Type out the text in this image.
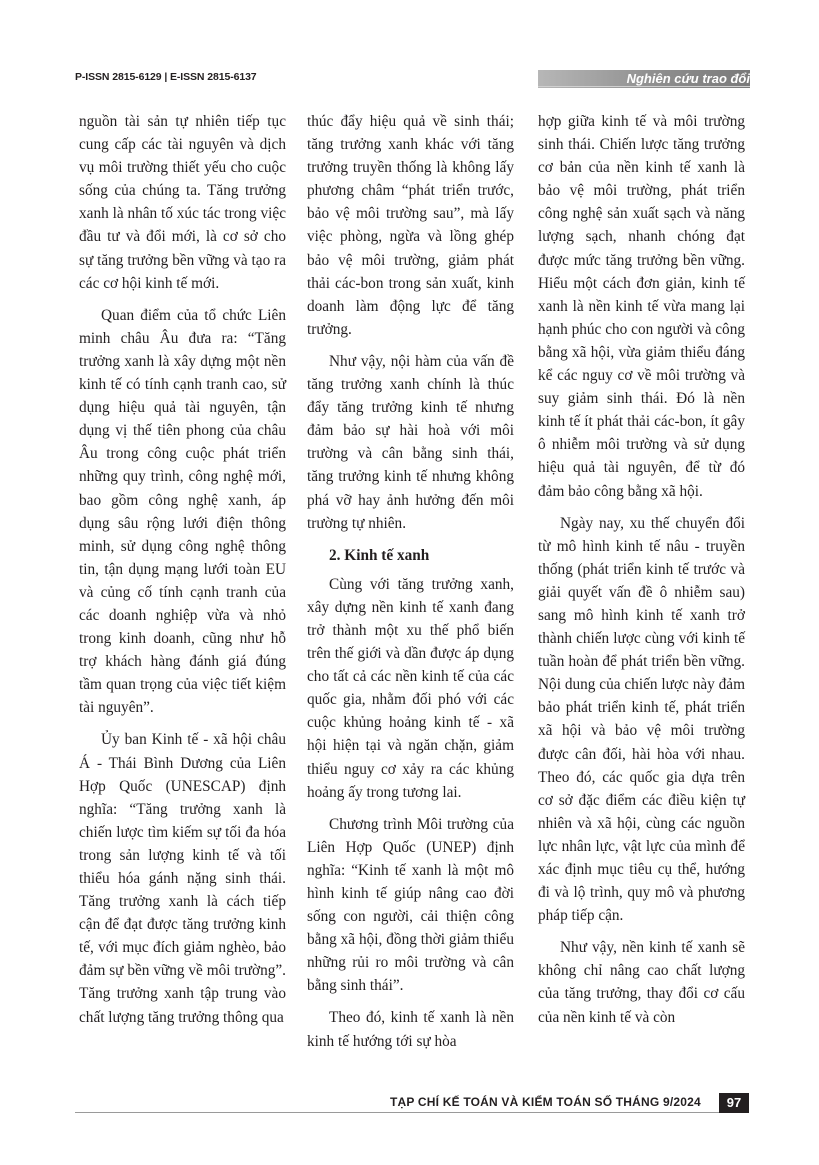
P-ISSN 2815-6129 | E-ISSN 2815-6137	Nghiên cứu trao đổi

nguồn tài sản tự nhiên tiếp tục cung cấp các tài nguyên và dịch vụ môi trường thiết yếu cho cuộc sống của chúng ta. Tăng trưởng xanh là nhân tố xúc tác trong việc đầu tư và đổi mới, là cơ sở cho sự tăng trưởng bền vững và tạo ra các cơ hội kinh tế mới.

Quan điểm của tổ chức Liên minh châu Âu đưa ra: “Tăng trưởng xanh là xây dựng một nền kinh tế có tính cạnh tranh cao, sử dụng hiệu quả tài nguyên, tận dụng vị thế tiên phong của châu Âu trong công cuộc phát triển những quy trình, công nghệ mới, bao gồm công nghệ xanh, áp dụng sâu rộng lưới điện thông minh, sử dụng công nghệ thông tin, tận dụng mạng lưới toàn EU và củng cố tính cạnh tranh của các doanh nghiệp vừa và nhỏ trong kinh doanh, cũng như hỗ trợ khách hàng đánh giá đúng tầm quan trọng của việc tiết kiệm tài nguyên”.

Ủy ban Kinh tế - xã hội châu Á - Thái Bình Dương của Liên Hợp Quốc (UNESCAP) định nghĩa: “Tăng trưởng xanh là chiến lược tìm kiếm sự tối đa hóa trong sản lượng kinh tế và tối thiểu hóa gánh nặng sinh thái. Tăng trưởng xanh là cách tiếp cận để đạt được tăng trưởng kinh tế, với mục đích giảm nghèo, bảo đảm sự bền vững về môi trường”. Tăng trưởng xanh tập trung vào chất lượng tăng trưởng thông qua

thúc đẩy hiệu quả về sinh thái; tăng trưởng xanh khác với tăng trưởng truyền thống là không lấy phương châm “phát triển trước, bảo vệ môi trường sau”, mà lấy việc phòng, ngừa và lồng ghép bảo vệ môi trường, giảm phát thải các-bon trong sản xuất, kinh doanh làm động lực để tăng trưởng.

Như vậy, nội hàm của vấn đề tăng trưởng xanh chính là thúc đẩy tăng trưởng kinh tế nhưng đảm bảo sự hài hoà với môi trường và cân bằng sinh thái, tăng trưởng kinh tế nhưng không phá vỡ hay ảnh hưởng đến môi trường tự nhiên.

2. Kinh tế xanh

Cùng với tăng trưởng xanh, xây dựng nền kinh tế xanh đang trở thành một xu thế phổ biến trên thế giới và dần được áp dụng cho tất cả các nền kinh tế của các quốc gia, nhằm đối phó với các cuộc khủng hoảng kinh tế - xã hội hiện tại và ngăn chặn, giảm thiểu nguy cơ xảy ra các khủng hoảng ấy trong tương lai.

Chương trình Môi trường của Liên Hợp Quốc (UNEP) định nghĩa: “Kinh tế xanh là một mô hình kinh tế giúp nâng cao đời sống con người, cải thiện công bằng xã hội, đồng thời giảm thiểu những rủi ro môi trường và cân bằng sinh thái”.

Theo đó, kinh tế xanh là nền kinh tế hướng tới sự hòa

hợp giữa kinh tế và môi trường sinh thái. Chiến lược tăng trưởng cơ bản của nền kinh tế xanh là bảo vệ môi trường, phát triển công nghệ sản xuất sạch và năng lượng sạch, nhanh chóng đạt được mức tăng trưởng bền vững. Hiểu một cách đơn giản, kinh tế xanh là nền kinh tế vừa mang lại hạnh phúc cho con người và công bằng xã hội, vừa giảm thiểu đáng kể các nguy cơ về môi trường và suy giảm sinh thái. Đó là nền kinh tế ít phát thải các-bon, ít gây ô nhiễm môi trường và sử dụng hiệu quả tài nguyên, để từ đó đảm bảo công bằng xã hội.

Ngày nay, xu thế chuyển đổi từ mô hình kinh tế nâu - truyền thống (phát triển kinh tế trước và giải quyết vấn đề ô nhiễm sau) sang mô hình kinh tế xanh trở thành chiến lược cùng với kinh tế tuần hoàn để phát triển bền vững. Nội dung của chiến lược này đảm bảo phát triển kinh tế, phát triển xã hội và bảo vệ môi trường được cân đối, hài hòa với nhau. Theo đó, các quốc gia dựa trên cơ sở đặc điểm các điều kiện tự nhiên và xã hội, cùng các nguồn lực nhân lực, vật lực của mình để xác định mục tiêu cụ thể, hướng đi và lộ trình, quy mô và phương pháp tiếp cận.

Như vậy, nền kinh tế xanh sẽ không chỉ nâng cao chất lượng của tăng trưởng, thay đổi cơ cấu của nền kinh tế và còn

TẠP CHÍ KẾ TOÁN VÀ KIỂM TOÁN SỐ THÁNG 9/2024	97
